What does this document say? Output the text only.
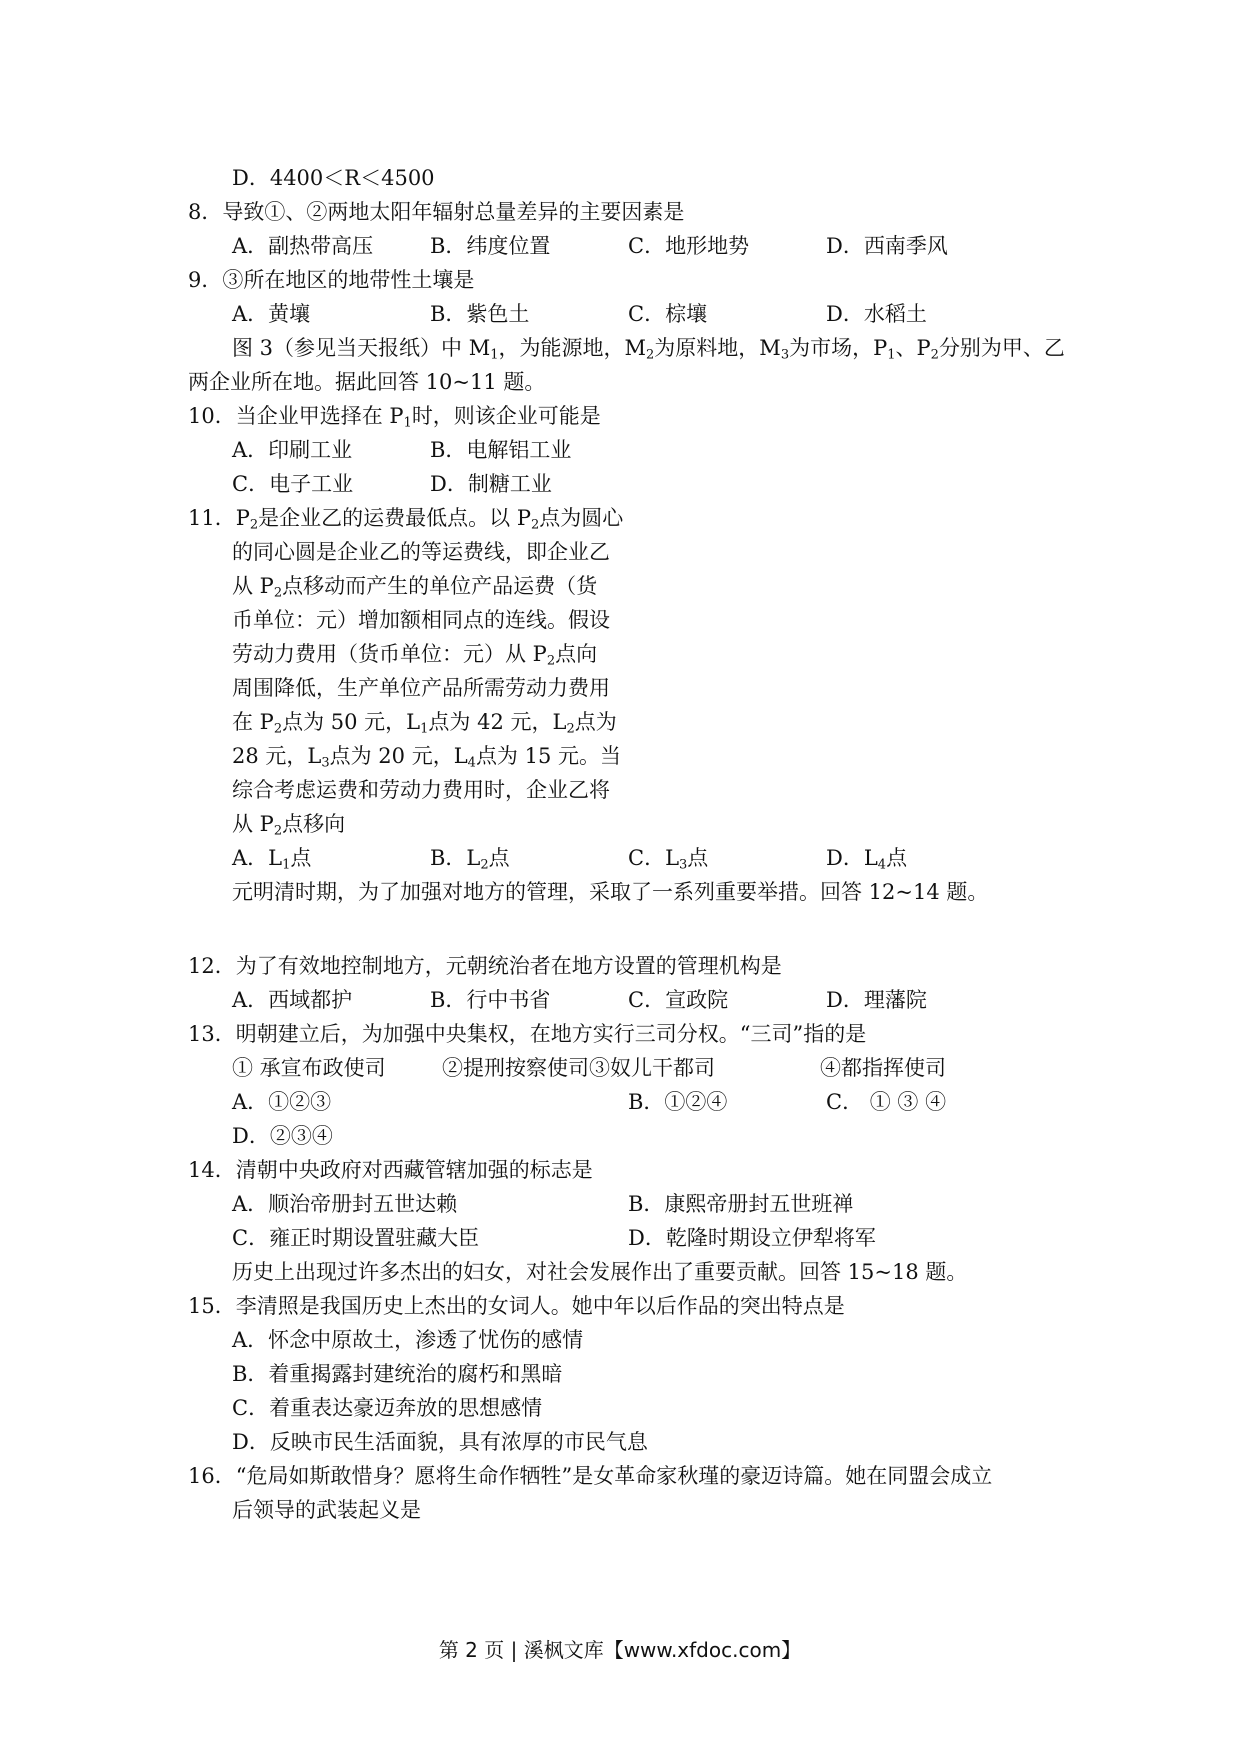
D．4400＜R＜4500
8．导致①、②两地太阳年辐射总量差异的主要因素是
A．副热带高压	B．纬度位置	C．地形地势	D．西南季风
9．③所在地区的地带性土壤是
A．黄壤	B．紫色土	C．棕壤	D．水稻土
图 3（参见当天报纸）中 $M_1$，为能源地，$M_2$为原料地，$M_3$为市场，$P_1$、$P_2$分别为甲、乙
两企业所在地。据此回答 10~11 题。
10．当企业甲选择在 $P_1$时，则该企业可能是
A．印刷工业	B．电解铝工业
C．电子工业	D．制糖工业
11．$P_2$是企业乙的运费最低点。以 $P_2$点为圆心
的同心圆是企业乙的等运费线，即企业乙
从 $P_2$点移动而产生的单位产品运费（货
币单位：元）增加额相同点的连线。假设
劳动力费用（货币单位：元）从 $P_2$点向
周围降低，生产单位产品所需劳动力费用
在 $P_2$点为 50 元，$L_1$点为 42 元，$L_2$点为
28 元，$L_3$点为 20 元，$L_4$点为 15 元。当
综合考虑运费和劳动力费用时，企业乙将
从 $P_2$点移向
A．$L_1$点	B．$L_2$点	C．$L_3$点	D．$L_4$点
元明清时期，为了加强对地方的管理，采取了一系列重要举措。回答 12~14 题。
12．为了有效地控制地方，元朝统治者在地方设置的管理机构是
A．西域都护	B．行中书省	C．宣政院	D．理藩院
13．明朝建立后，为加强中央集权，在地方实行三司分权。“三司”指的是
① 承宣布政使司	②提刑按察使司③奴儿干都司	④都指挥使司
A．①②③	B．①②④	C． ① ③ ④
D．②③④
14．清朝中央政府对西藏管辖加强的标志是
A．顺治帝册封五世达赖	B．康熙帝册封五世班禅
C．雍正时期设置驻藏大臣	D．乾隆时期设立伊犁将军
历史上出现过许多杰出的妇女，对社会发展作出了重要贡献。回答 15~18 题。
15．李清照是我国历史上杰出的女词人。她中年以后作品的突出特点是
A．怀念中原故土，渗透了忧伤的感情
B．着重揭露封建统治的腐朽和黑暗
C．着重表达豪迈奔放的思想感情
D．反映市民生活面貌，具有浓厚的市民气息
16．“危局如斯敢惜身？愿将生命作牺牲”是女革命家秋瑾的豪迈诗篇。她在同盟会成立
后领导的武装起义是
第 2 页 | 溪枫文库【www.xfdoc.com】
